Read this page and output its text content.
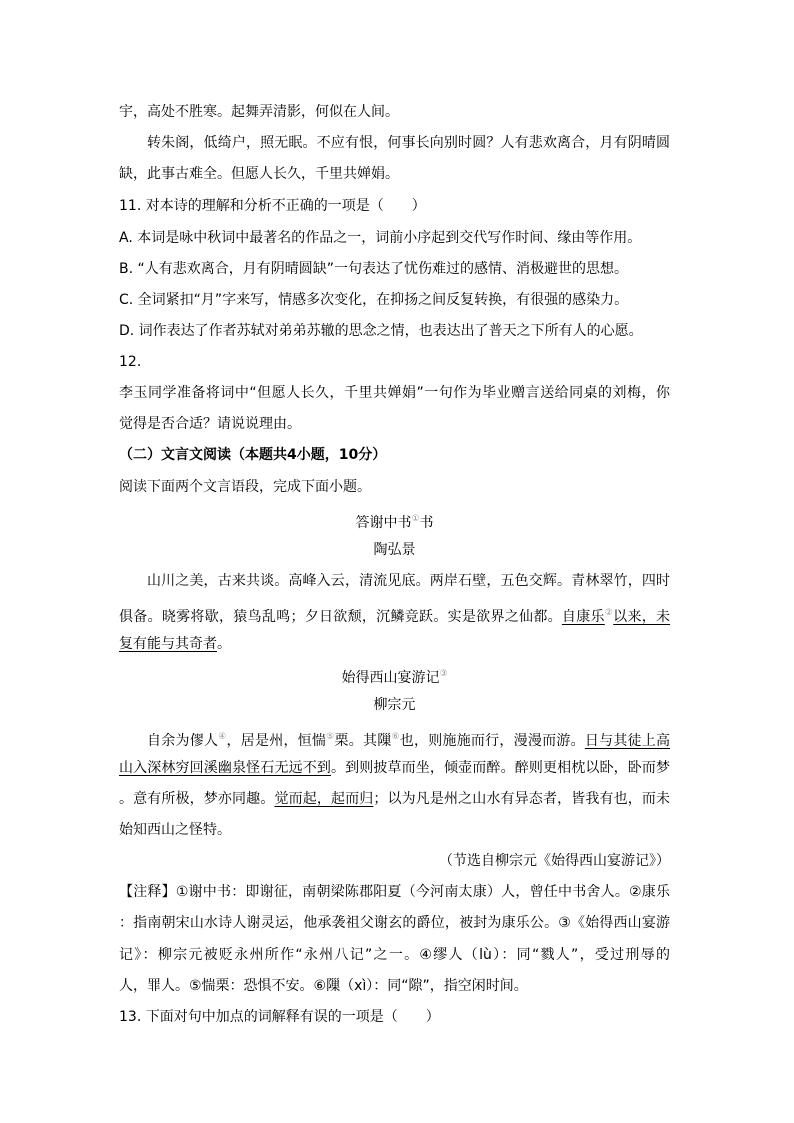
宇，高处不胜寒。起舞弄清影，何似在人间。
转朱阁，低绮户，照无眠。不应有恨，何事长向别时圆？人有悲欢离合，月有阴晴圆
缺，此事古难全。但愿人长久，千里共婵娟。
11. 对本诗的理解和分析不正确的一项是（　　）
A. 本词是咏中秋词中最著名的作品之一，词前小序起到交代写作时间、缘由等作用。
B. “人有悲欢离合，月有阴晴圆缺”一句表达了忧伤难过的感情、消极避世的思想。
C. 全词紧扣“月”字来写，情感多次变化，在抑扬之间反复转换，有很强的感染力。
D. 词作表达了作者苏轼对弟弟苏辙的思念之情，也表达出了普天之下所有人的心愿。
12.
李玉同学准备将词中“但愿人长久，千里共婵娟”一句作为毕业赠言送给同桌的刘梅，你
觉得是否合适？请说说理由。
（二）文言文阅读（本题共4小题，10分）
阅读下面两个文言语段，完成下面小题。
答谢中书①书
陶弘景
山川之美，古来共谈。高峰入云，清流见底。两岸石壁，五色交辉。青林翠竹，四时
俱备。晓雾将歇，猿鸟乱鸣；夕日欲颓，沉鳞竞跃。实是欲界之仙都。自康乐②以来，未
复有能与其奇者。
始得西山宴游记③
柳宗元
自余为僇人④，居是州，恒惴⑤栗。其隟⑥也，则施施而行，漫漫而游。日与其徒上高
山入深林穷回溪幽泉怪石无远不到。到则披草而坐，倾壶而醉。醉则更相枕以卧，卧而梦
。意有所极，梦亦同趣。觉而起，起而归；以为凡是州之山水有异态者，皆我有也，而未
始知西山之怪特。
（节选自柳宗元《始得西山宴游记》）
【注释】①谢中书：即谢征，南朝梁陈郡阳夏（今河南太康）人，曾任中书舍人。②康乐
：指南朝宋山水诗人谢灵运，他承袭祖父谢玄的爵位，被封为康乐公。③《始得西山宴游
记》：柳宗元被贬永州所作“永州八记”之一。④缪人（lù）：同“戮人”，受过刑辱的
人，罪人。⑤惴栗：恐惧不安。⑥隟（xì）：同“隙”，指空闲时间。
13. 下面对句中加点的词解释有误的一项是（　　）
